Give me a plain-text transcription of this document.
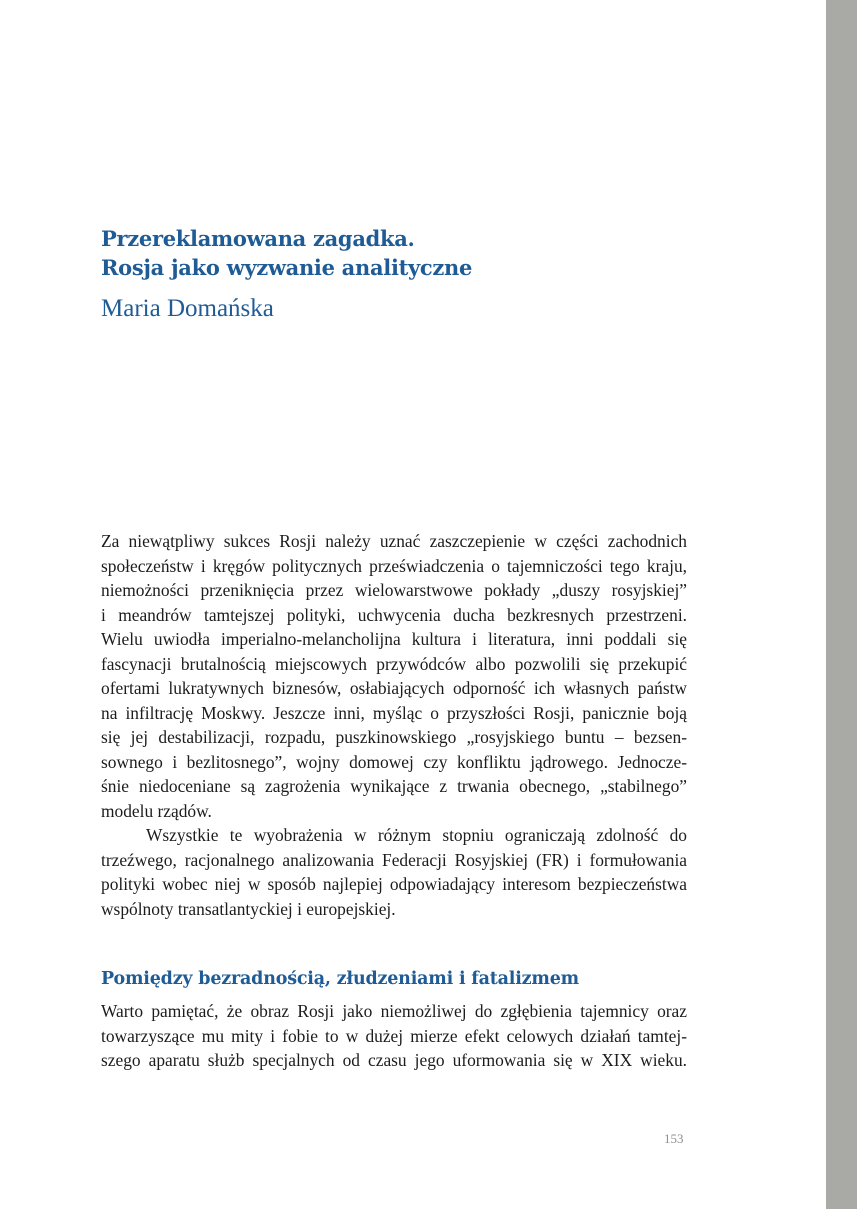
Przereklamowana zagadka.
Rosja jako wyzwanie analityczne
Maria Domańska
Za niewątpliwy sukces Rosji należy uznać zaszczepienie w części zachodnich
społeczeństw i kręgów politycznych przeświadczenia o tajemniczości tego kraju,
niemożności przeniknięcia przez wielowarstwowe pokłady „duszy rosyjskiej”
i meandrów tamtejszej polityki, uchwycenia ducha bezkresnych przestrzeni.
Wielu uwiodła imperialno-melancholijna kultura i literatura, inni poddali się
fascynacji brutalnością miejscowych przywódców albo pozwolili się przekupić
ofertami lukratywnych biznesów, osłabiających odporność ich własnych państw
na infiltrację Moskwy. Jeszcze inni, myśląc o przyszłości Rosji, panicznie boją
się jej destabilizacji, rozpadu, puszkinowskiego „rosyjskiego buntu – bezsen-
sownego i bezlitosnego”, wojny domowej czy konfliktu jądrowego. Jednocze-
śnie niedoceniane są zagrożenia wynikające z trwania obecnego, „stabilnego”
modelu rządów.
Wszystkie te wyobrażenia w różnym stopniu ograniczają zdolność do
trzeźwego, racjonalnego analizowania Federacji Rosyjskiej (FR) i formułowania
polityki wobec niej w sposób najlepiej odpowiadający interesom bezpieczeństwa
wspólnoty transatlantyckiej i europejskiej.
Pomiędzy bezradnością, złudzeniami i fatalizmem
Warto pamiętać, że obraz Rosji jako niemożliwej do zgłębienia tajemnicy oraz
towarzyszące mu mity i fobie to w dużej mierze efekt celowych działań tamtej-
szego aparatu służb specjalnych od czasu jego uformowania się w XIX wieku.
153
